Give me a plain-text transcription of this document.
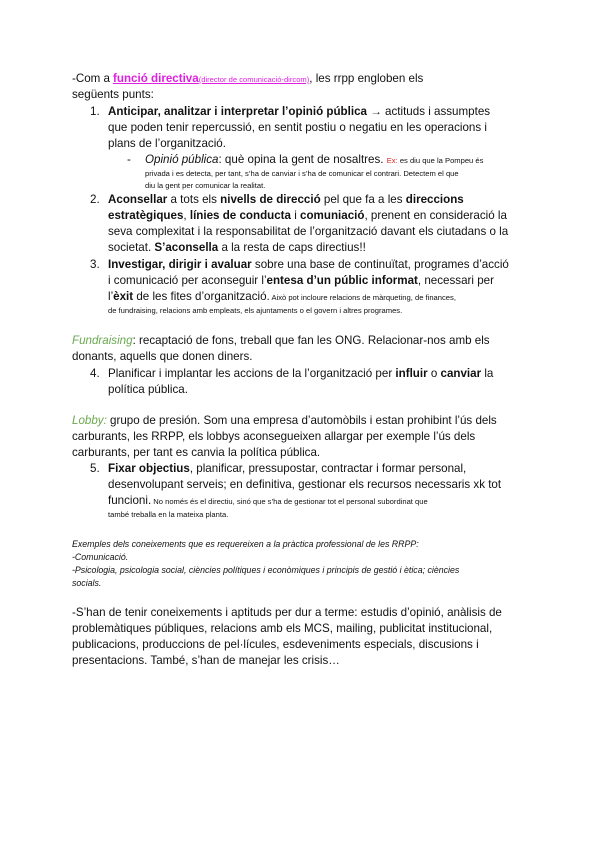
-Com a funció directiva(director de comunicació-dircom), les rrpp engloben els
següents punts:
1. Anticipar, analitzar i interpretar l’opinió pública → actituds i assumptes
que poden tenir repercussió, en sentit postiu o negatiu en les operacions i
plans de l’organització.
- Opinió pública: què opina la gent de nosaltres. Ex: es diu que la Pompeu és
privada i es detecta, per tant, s’ha de canviar i s’ha de comunicar el contrari. Detectem el que
diu la gent per comunicar la realitat.
2. Aconsellar a tots els nivells de direcció pel que fa a les direccions
estratègiques, línies de conducta i comuniació, prenent en consideració la
seva complexitat i la responsabilitat de l’organització davant els ciutadans o la
societat. S’aconsella a la resta de caps directius!!
3. Investigar, dirigir i avaluar sobre una base de continuïtat, programes d’acció
i comunicació per aconseguir l’entesa d’un públic informat, necessari per
l’èxit de les fites d’organització. Això pot incloure relacions de màrqueting, de finances,
de fundraising, relacions amb empleats, els ajuntaments o el govern i altres programes.
Fundraising: recaptació de fons, treball que fan les ONG. Relacionar-nos amb els
donants, aquells que donen diners.
4. Planificar i implantar les accions de la l’organització per influir o canviar la
política pública.
Lobby: grupo de presión. Som una empresa d’automòbils i estan prohibint l’ús dels
carburants, les RRPP, els lobbys aconsegueixen allargar per exemple l’ús dels
carburants, per tant es canvia la política pública.
5. Fixar objectius, planificar, pressupostar, contractar i formar personal,
desenvolupant serveis; en definitiva, gestionar els recursos necessaris xk tot
funcioni. No només és el directiu, sinó que s’ha de gestionar tot el personal subordinat que
també treballa en la mateixa planta.
Exemples dels coneixements que es requereixen a la pràctica professional de les RRPP:
-Comunicació.
-Psicologia, psicologia social, ciències polítiques i econòmiques i principis de gestió i ètica; ciències
socials.
-S’han de tenir coneixements i aptituds per dur a terme: estudis d’opinió, anàlisis de
problemàtiques públiques, relacions amb els MCS, mailing, publicitat institucional,
publicacions, produccions de pel·lícules, esdeveniments especials, discusions i
presentacions. També, s’han de manejar les crisis…
